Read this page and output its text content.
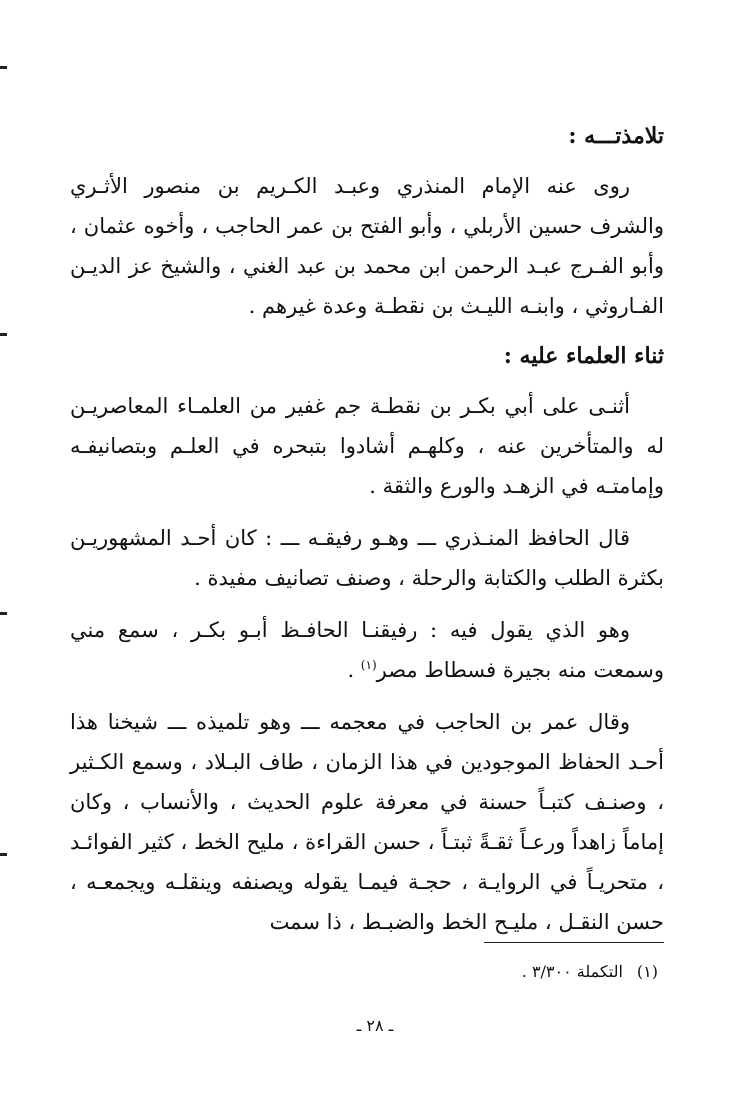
تلامذتـــه :

روى عنه الإمام المنذري وعبـد الكـريم بن منصور الأثـري والشرف حسين الأربلي ، وأبو الفتح بن عمر الحاجب ، وأخوه عثمان ، وأبو الفـرج عبـد الرحمن ابن محمد بن عبد الغني ، والشيخ عز الديـن الفـاروثي ، وابنـه الليـث بن نقطـة وعدة غيرهم .

ثناء العلماء عليه :

أثنـى على أبي بكـر بن نقطـة جم غفير من العلمـاء المعاصريـن له والمتأخرين عنه ، وكلهـم أشادوا بتبحره في العلـم وبتصانيفـه وإمامتـه في الزهـد والورع والثقة .

قال الحافظ المنـذري ـــ وهـو رفيقـه ـــ : كان أحـد المشهوريـن بكثرة الطلب والكتابة والرحلة ، وصنف تصانيف مفيدة .

وهو الذي يقول فيه : رفيقنـا الحافـظ أبـو بكـر ، سمع مني وسمعت منه بجيرة فسطاط مصر$^{(١)}$ .

وقال عمر بن الحاجب في معجمه ـــ وهو تلميذه ـــ شيخنا هذا أحـد الحفاظ الموجودين في هذا الزمان ، طاف البـلاد ، وسمع الكـثير ، وصنـف كتبـاً حسنة في معرفة علوم الحديث ، والأنساب ، وكان إماماً زاهداً ورعـاً ثقـةً ثبتـاً ، حسن القراءة ، مليح الخط ، كثير الفوائـد ، متحريـاً في الروايـة ، حجـة فيمـا يقوله ويصنفه وينقلـه ويجمعـه ، حسن النقـل ، مليـح الخط والضبـط ، ذا سمت

(١)التكملة ٣/٣٠٠ .
ـ ٢٨ ـ
